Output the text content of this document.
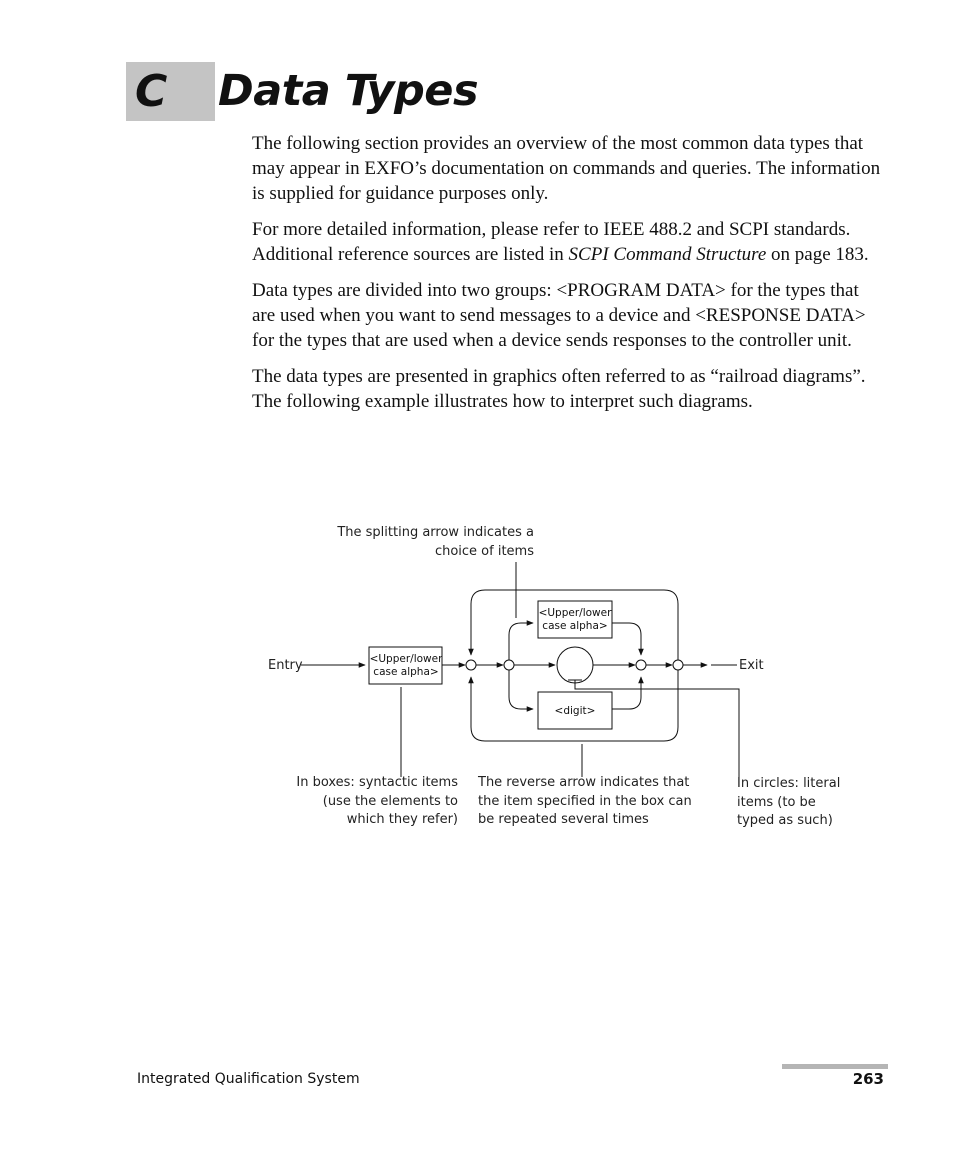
C Data Types

The following section provides an overview of the most common data types that may appear in EXFO’s documentation on commands and queries. The information is supplied for guidance purposes only.

For more detailed information, please refer to IEEE 488.2 and SCPI standards. Additional reference sources are listed in SCPI Command Structure on page 183.

Data types are divided into two groups: <PROGRAM DATA> for the types that are used when you want to send messages to a device and <RESPONSE DATA> for the types that are used when a device sends responses to the controller unit.

The data types are presented in graphics often referred to as “railroad diagrams”. The following example illustrates how to interpret such diagrams.

Entry	Exit
<Upper/lower
case alpha>
<Upper/lower
case alpha>
<digit>
The splitting arrow indicates a
choice of items
In boxes: syntactic items
(use the elements to
which they refer)
The reverse arrow indicates that
the item specified in the box can
be repeated several times
In circles: literal
items (to be
typed as such)
Integrated Qualification System	263
